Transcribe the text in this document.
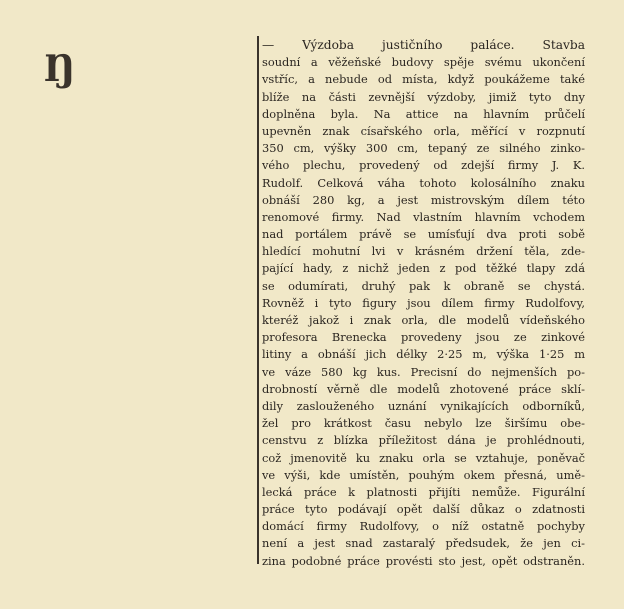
Ŋ
— Výzdoba justičního paláce. Stavba
soudní a věžeňské budovy spěje svému ukončení
vstříc, a nebude od místa, když poukážeme také
blíže na části zevnější výzdoby, jimiž tyto dny
doplněna byla. Na attice na hlavním průčelí
upevněn znak císařského orla, měřící v rozpnutí
350 cm, výšky 300 cm, tepaný ze silného zinko-
vého plechu, provedený od zdejší firmy J. K.
Rudolf. Celková váha tohoto kolosálního znaku
obnáší 280 kg, a jest mistrovským dílem této
renomové firmy. Nad vlastním hlavním vchodem
nad portálem právě se umísťují dva proti sobě
hledící mohutní lvi v krásném držení těla, zde-
pající hady, z nichž jeden z pod těžké tlapy zdá
se odumírati, druhý pak k obraně se chystá.
Rovněž i tyto figury jsou dílem firmy Rudolfovy,
kteréž jakož i znak orla, dle modelů vídeňského
profesora Brenecka provedeny jsou ze zinkové
litiny a obnáší jich délky 2·25 m, výška 1·25 m
ve váze 580 kg kus. Precisní do nejmenších po-
drobností věrně dle modelů zhotovené práce sklí-
dily zaslouženého uznání vynikajících odborníků,
žel pro krátkost času nebylo lze širšímu obe-
censtvu z blízka příležitost dána je prohlédnouti,
což jmenovitě ku znaku orla se vztahuje, poněvač
ve výši, kde umístěn, pouhým okem přesná, umě-
lecká práce k platnosti přijíti nemůže. Figurální
práce tyto podávají opět další důkaz o zdatnosti
domácí firmy Rudolfovy, o níž ostatně pochyby
není a jest snad zastaralý předsudek, že jen ci-
zina podobné práce provésti sto jest, opět odstraněn.
